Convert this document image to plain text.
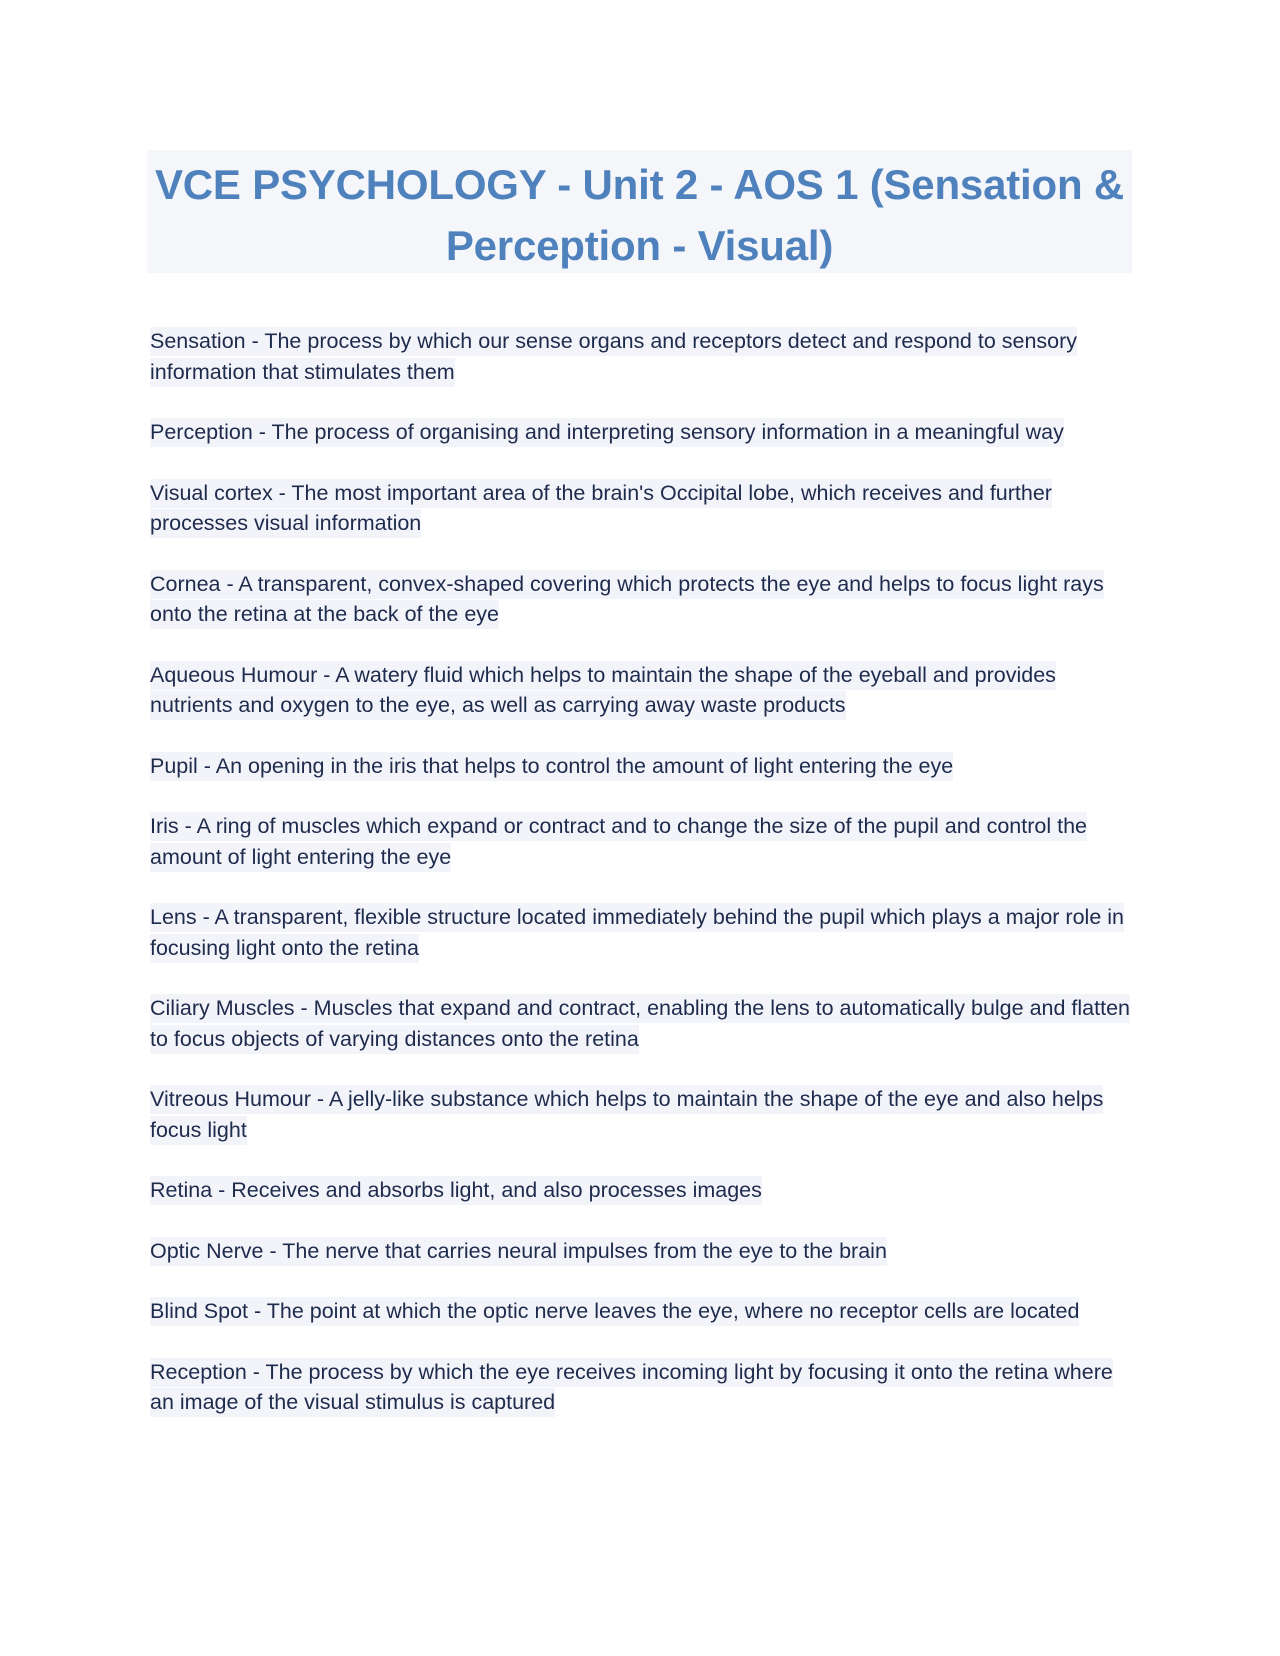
VCE PSYCHOLOGY - Unit 2 - AOS 1 (Sensation &
Perception - Visual)
Sensation - The process by which our sense organs and receptors detect and respond to sensory information that stimulates them
Perception - The process of organising and interpreting sensory information in a meaningful way
Visual cortex - The most important area of the brain's Occipital lobe, which receives and further processes visual information
Cornea - A transparent, convex-shaped covering which protects the eye and helps to focus light rays onto the retina at the back of the eye
Aqueous Humour - A watery fluid which helps to maintain the shape of the eyeball and provides nutrients and oxygen to the eye, as well as carrying away waste products
Pupil - An opening in the iris that helps to control the amount of light entering the eye
Iris - A ring of muscles which expand or contract and to change the size of the pupil and control the amount of light entering the eye
Lens - A transparent, flexible structure located immediately behind the pupil which plays a major role in focusing light onto the retina
Ciliary Muscles - Muscles that expand and contract, enabling the lens to automatically bulge and flatten to focus objects of varying distances onto the retina
Vitreous Humour - A jelly-like substance which helps to maintain the shape of the eye and also helps focus light
Retina - Receives and absorbs light, and also processes images
Optic Nerve - The nerve that carries neural impulses from the eye to the brain
Blind Spot - The point at which the optic nerve leaves the eye, where no receptor cells are located
Reception - The process by which the eye receives incoming light by focusing it onto the retina where an image of the visual stimulus is captured
